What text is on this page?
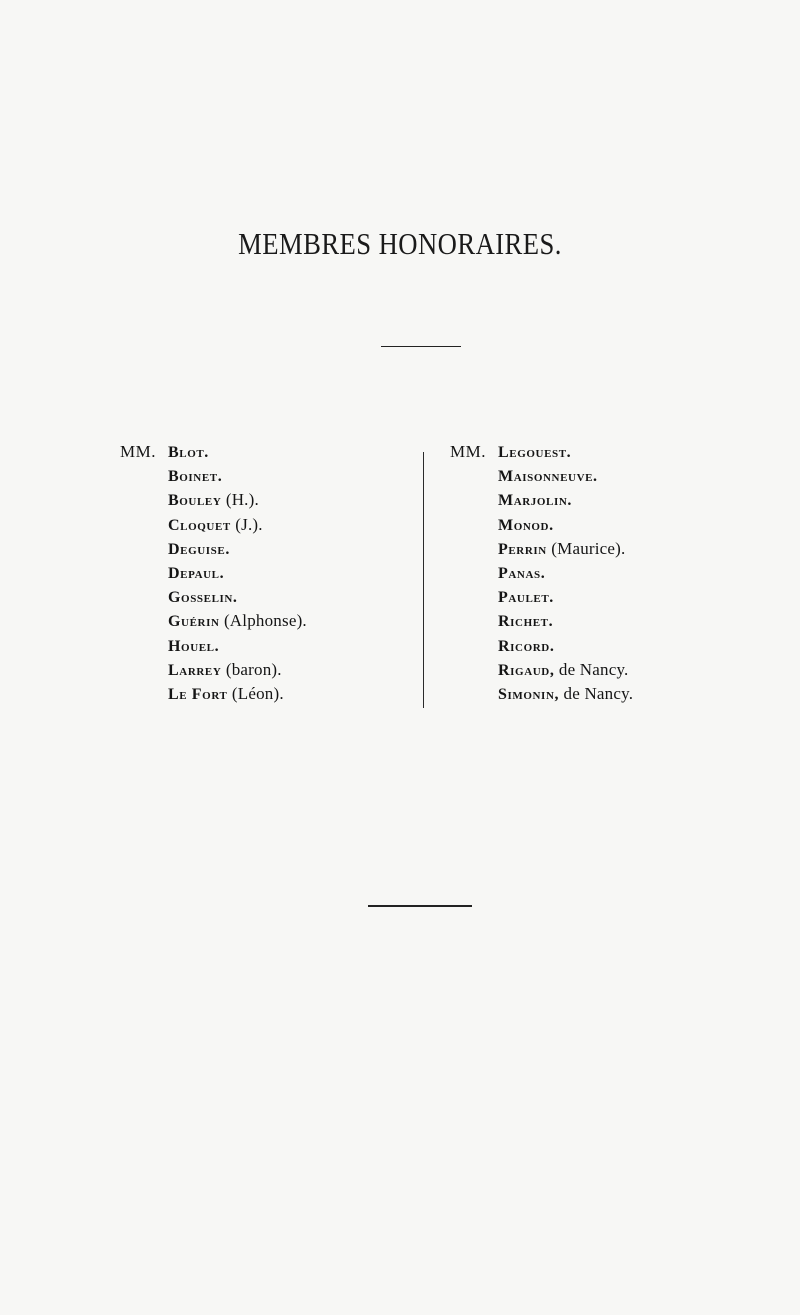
MEMBRES HONORAIRES.
MM. Blot.
Boinet.
Bouley (H.).
Cloquet (J.).
Deguise.
Depaul.
Gosselin.
Guérin (Alphonse).
Houel.
Larrey (baron).
Le Fort (Léon).
MM. Legouest.
Maisonneuve.
Marjolin.
Monod.
Perrin (Maurice).
Panas.
Paulet.
Richet.
Ricord.
Rigaud, de Nancy.
Simonin, de Nancy.
